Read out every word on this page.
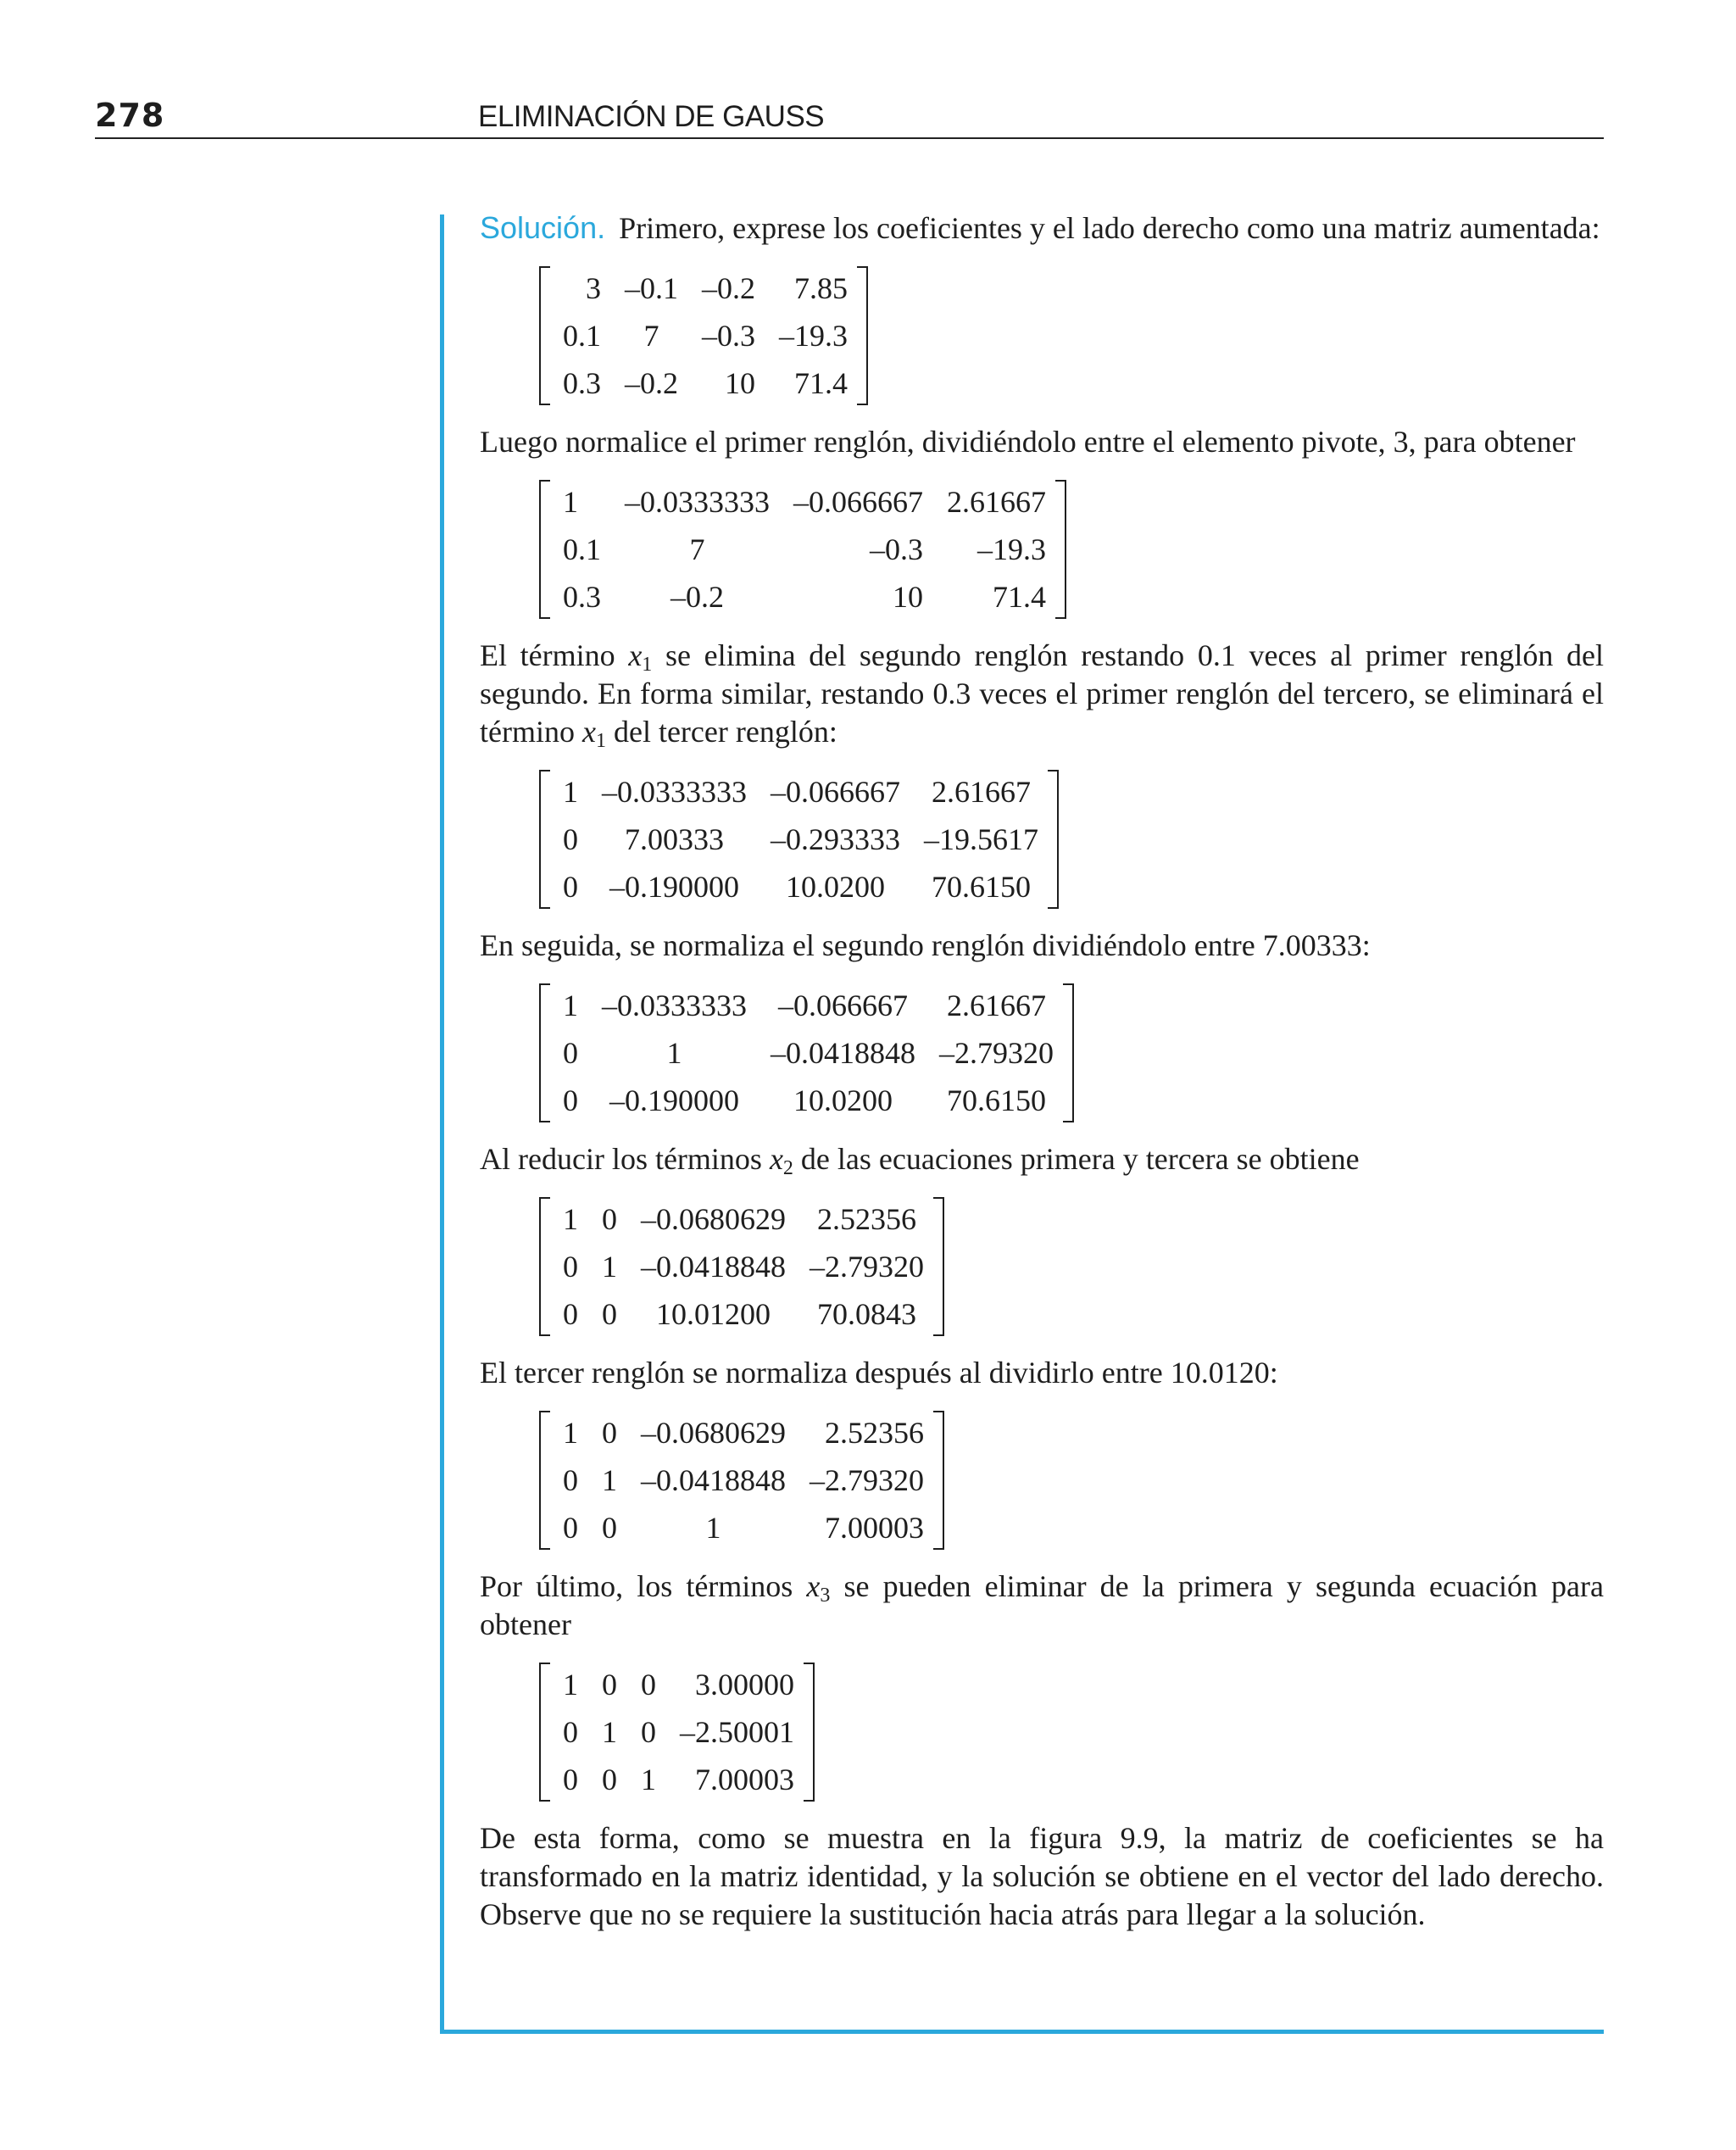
278	ELIMINACIÓN DE GAUSS

Solución. Primero, exprese los coeficientes y el lado derecho como una matriz aumentada:

3	–0.1	–0.2	7.85
0.1	7	–0.3	–19.3
0.3	–0.2	10	71.4

Luego normalice el primer renglón, dividiéndolo entre el elemento pivote, 3, para obtener

1	–0.0333333	–0.066667	2.61667
0.1	7	–0.3	–19.3
0.3	–0.2	10	71.4

El término $x_1$ se elimina del segundo renglón restando 0.1 veces al primer renglón del segundo. En forma similar, restando 0.3 veces el primer renglón del tercero, se eliminará el término $x_1$ del tercer renglón:

1	–0.0333333	–0.066667	2.61667
0	7.00333	–0.293333	–19.5617
0	–0.190000	10.0200	70.6150

En seguida, se normaliza el segundo renglón dividiéndolo entre 7.00333:

1	–0.0333333	–0.066667	2.61667
0	1	–0.0418848	–2.79320
0	–0.190000	10.0200	70.6150

Al reducir los términos $x_2$ de las ecuaciones primera y tercera se obtiene

1	0	–0.0680629	2.52356
0	1	–0.0418848	–2.79320
0	0	10.01200	70.0843

El tercer renglón se normaliza después al dividirlo entre 10.0120:

1	0	–0.0680629	2.52356
0	1	–0.0418848	–2.79320
0	0	1	7.00003

Por último, los términos $x_3$ se pueden eliminar de la primera y segunda ecuación para obtener

1	0	0	3.00000
0	1	0	–2.50001
0	0	1	7.00003

De esta forma, como se muestra en la figura 9.9, la matriz de coeficientes se ha transformado en la matriz identidad, y la solución se obtiene en el vector del lado derecho. Observe que no se requiere la sustitución hacia atrás para llegar a la solución.
